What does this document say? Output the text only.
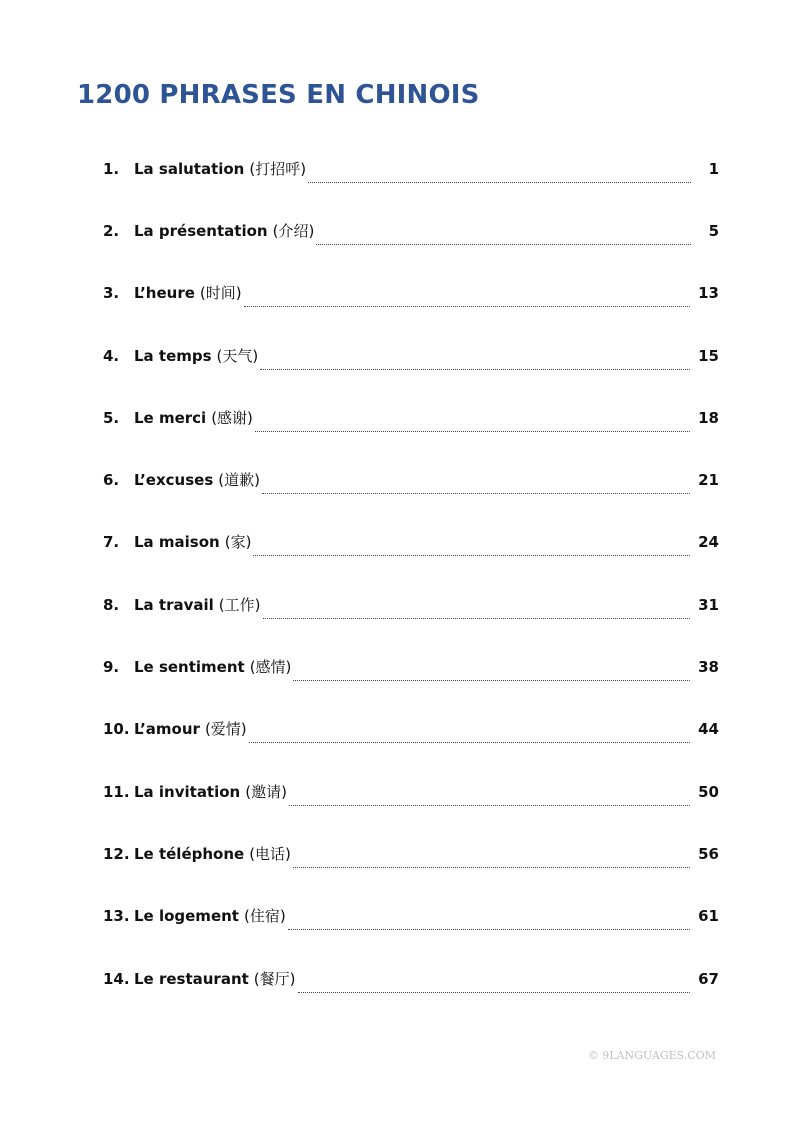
1200 PHRASES EN CHINOIS
1. La salutation (打招呼)	1
2. La présentation (介绍)	5
3. L’heure (时间)	13
4. La temps (天气)	15
5. Le merci (感谢)	18
6. L’excuses (道歉)	21
7. La maison (家)	24
8. La travail (工作)	31
9. Le sentiment (感情)	38
10. L’amour (爱情)	44
11. La invitation (邀请)	50
12. Le téléphone (电话)	56
13. Le logement (住宿)	61
14. Le restaurant (餐厅)	67
© 9LANGUAGES.COM
